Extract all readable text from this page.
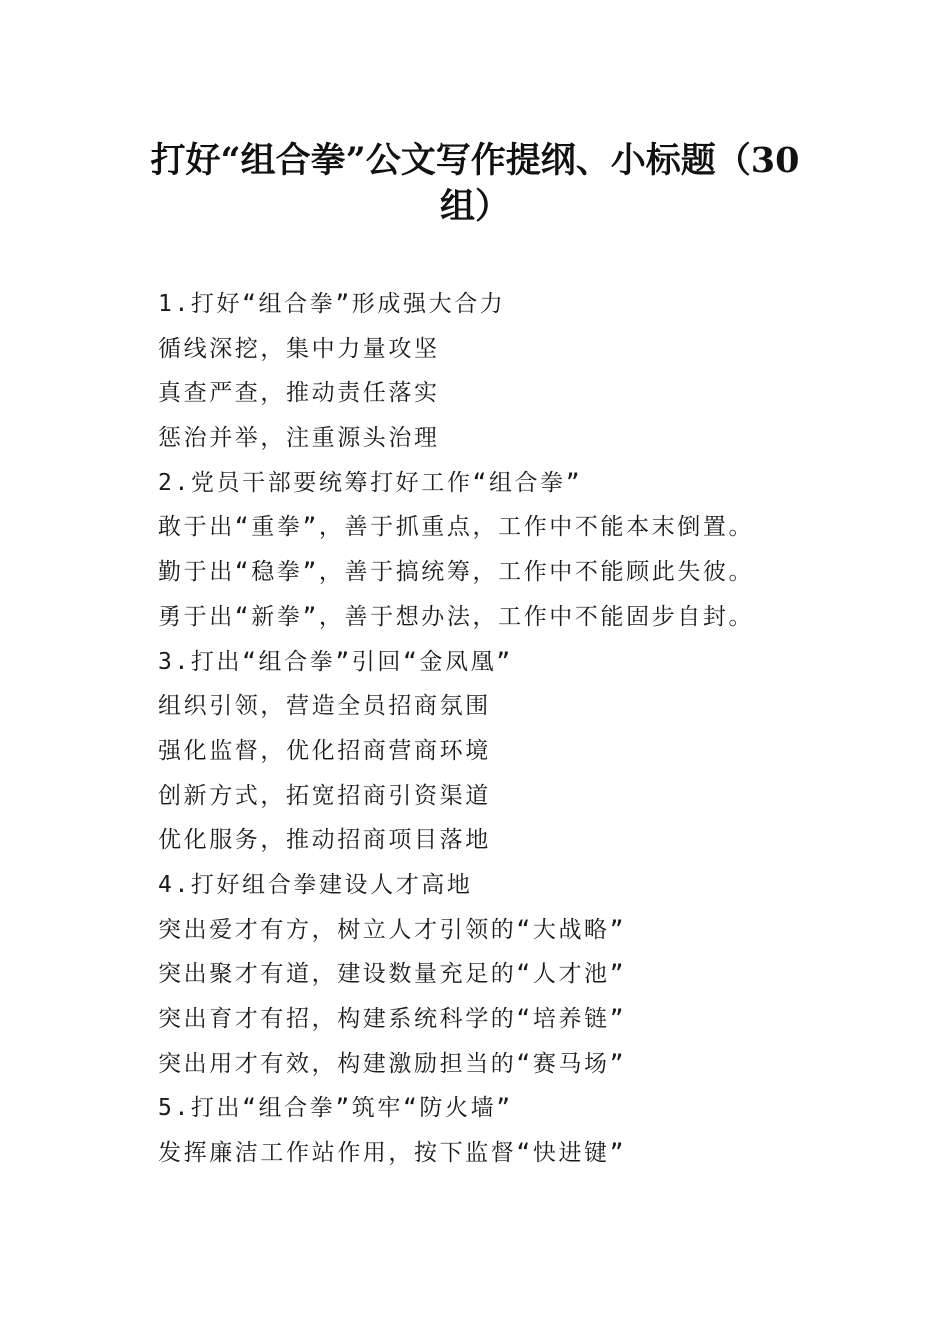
打好“组合拳”公文写作提纲、小标题（30
组）
1.打好“组合拳”形成强大合力
循线深挖，集中力量攻坚
真查严查，推动责任落实
惩治并举，注重源头治理
2.党员干部要统筹打好工作“组合拳”
敢于出“重拳”，善于抓重点，工作中不能本末倒置。
勤于出“稳拳”，善于搞统筹，工作中不能顾此失彼。
勇于出“新拳”，善于想办法，工作中不能固步自封。
3.打出“组合拳”引回“金凤凰”
组织引领，营造全员招商氛围
强化监督，优化招商营商环境
创新方式，拓宽招商引资渠道
优化服务，推动招商项目落地
4.打好组合拳建设人才高地
突出爱才有方，树立人才引领的“大战略”
突出聚才有道，建设数量充足的“人才池”
突出育才有招，构建系统科学的“培养链”
突出用才有效，构建激励担当的“赛马场”
5.打出“组合拳”筑牢“防火墙”
发挥廉洁工作站作用，按下监督“快进键”
